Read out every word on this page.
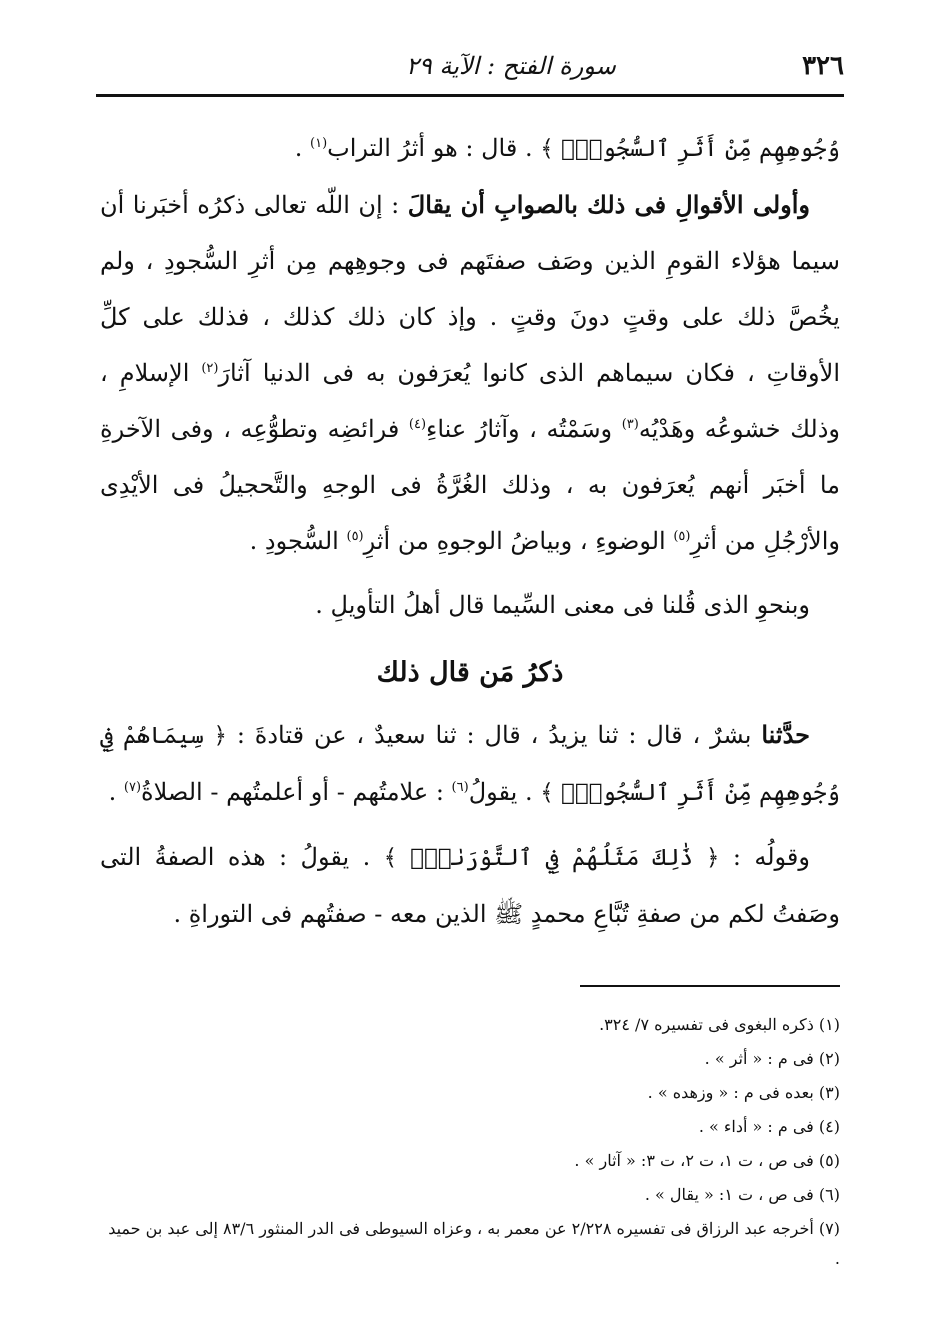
٣٢٦
سورة الفتح : الآية ٢٩

وُجُوهِهِم مِّنْ أَثَرِ ٱلسُّجُودِۚ ﴾ . قال : هو أثرُ التراب$^{(١)}$ .

وأولى الأقوالِ فى ذلك بالصوابِ أن يقالَ : إن اللّه تعالى ذكرُه أخبَرنا أن سيما هؤلاء القومِ الذين وصَف صفتَهم فى وجوهِهم مِن أثرِ السُّجودِ ، ولم يخُصَّ ذلك على وقتٍ دونَ وقتٍ . وإذ كان ذلك كذلك ، فذلك على كلِّ الأوقاتِ ، فكان سيماهم الذى كانوا يُعرَفون به فى الدنيا آثارَ$^{(٢)}$ الإسلامِ ، وذلك خشوعُه وهَدْيُه$^{(٣)}$ وسَمْتُه ، وآثارُ عناءِ$^{(٤)}$ فرائضِه وتطوُّعِه ، وفى الآخرةِ ما أخبَر أنهم يُعرَفون به ، وذلك الغُرَّةُ فى الوجهِ والتَّحجيلُ فى الأيْدِى والأرْجُلِ من أثرِ$^{(٥)}$ الوضوءِ ، وبياضُ الوجوهِ من أثرِ$^{(٥)}$ السُّجودِ .

وبنحوِ الذى قُلنا فى معنى السِّيما قال أهلُ التأويلِ .

ذكرُ مَن قال ذلك

حدَّثنا بشرٌ ، قال : ثنا يزيدُ ، قال : ثنا سعيدٌ ، عن قتادةَ : ﴿ سِيمَاهُمْ فِي وُجُوهِهِم مِّنْ أَثَرِ ٱلسُّجُودِۚ ﴾ . يقولُ$^{(٦)}$ : علامتُهم - أو أعلمتُهم - الصلاةُ$^{(٧)}$ .

وقولُه : ﴿ ذَٰلِكَ مَثَلُهُمْ فِي ٱلتَّوْرَىٰةِۚ ﴾ . يقولُ : هذه الصفةُ التى وصَفتُ لكم من صفةِ تُبَّاعِ محمدٍ ﷺ الذين معه - صفتُهم فى التوراةِ .

(١) ذكره البغوى فى تفسيره ٧/ ٣٢٤.

(٢) فى م : « أثر » .

(٣) بعده فى م : « وزهده » .

(٤) فى م : « أداء » .

(٥) فى ص ، ت ١، ت ٢، ت ٣: « آثار » .

(٦) فى ص ، ت ١: « يقال » .

(٧) أخرجه عبد الرزاق فى تفسيره ٢/٢٢٨ عن معمر به ، وعزاه السيوطى فى الدر المنثور ٨٣/٦ إلى عبد بن حميد .
